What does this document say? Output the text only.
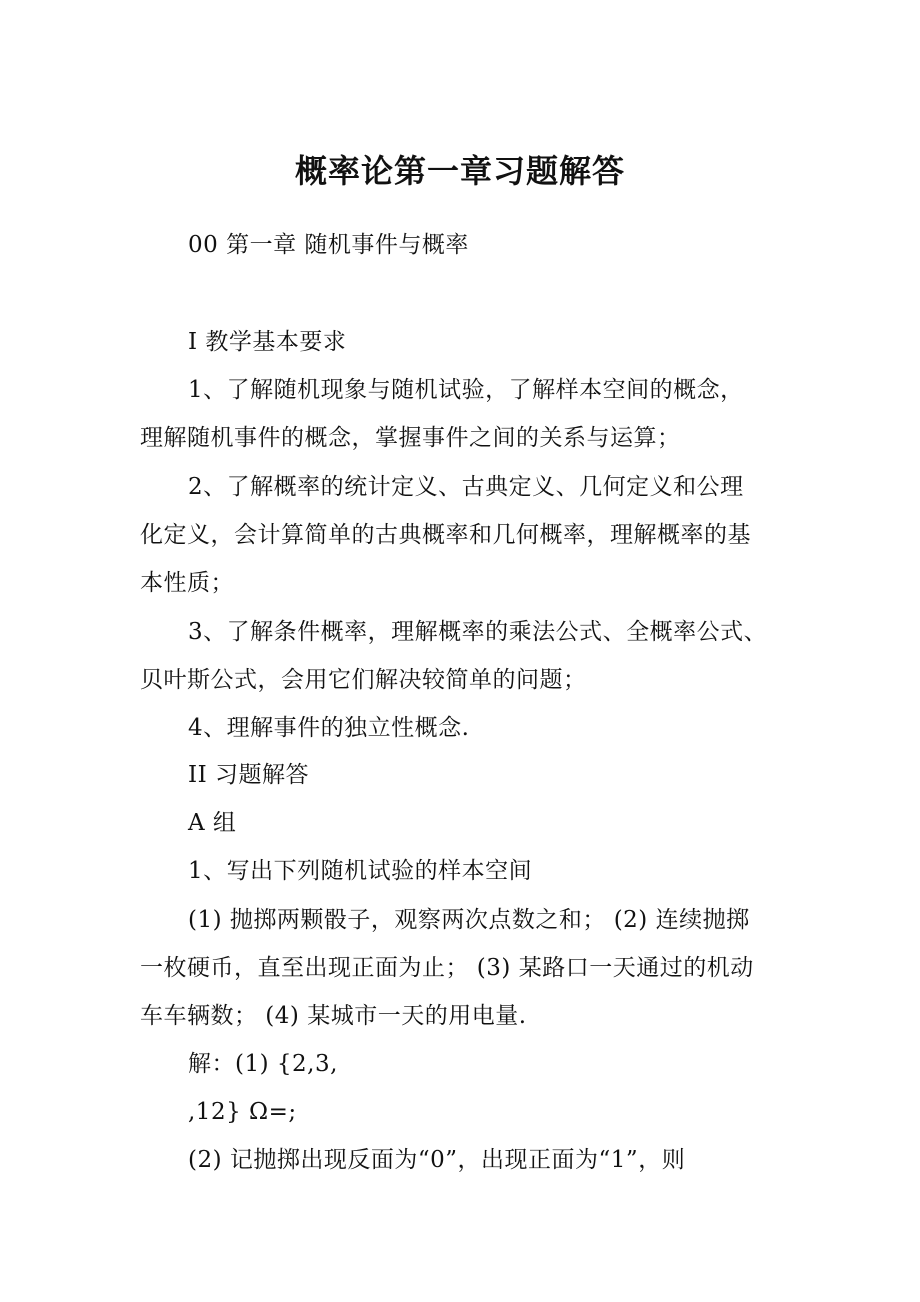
概率论第一章习题解答
00 第一章 随机事件与概率
I 教学基本要求
1、了解随机现象与随机试验，了解样本空间的概念，
理解随机事件的概念，掌握事件之间的关系与运算；
2、了解概率的统计定义、古典定义、几何定义和公理
化定义，会计算简单的古典概率和几何概率，理解概率的基
本性质；
3、了解条件概率，理解概率的乘法公式、全概率公式、
贝叶斯公式，会用它们解决较简单的问题；
4、理解事件的独立性概念.
II 习题解答
A 组
1、写出下列随机试验的样本空间
(1) 抛掷两颗骰子，观察两次点数之和； (2) 连续抛掷
一枚硬币，直至出现正面为止； (3) 某路口一天通过的机动
车车辆数； (4) 某城市一天的用电量.
解：(1) {2,3,
,12} Ω=;
(2) 记抛掷出现反面为“0”，出现正面为“1”，则
